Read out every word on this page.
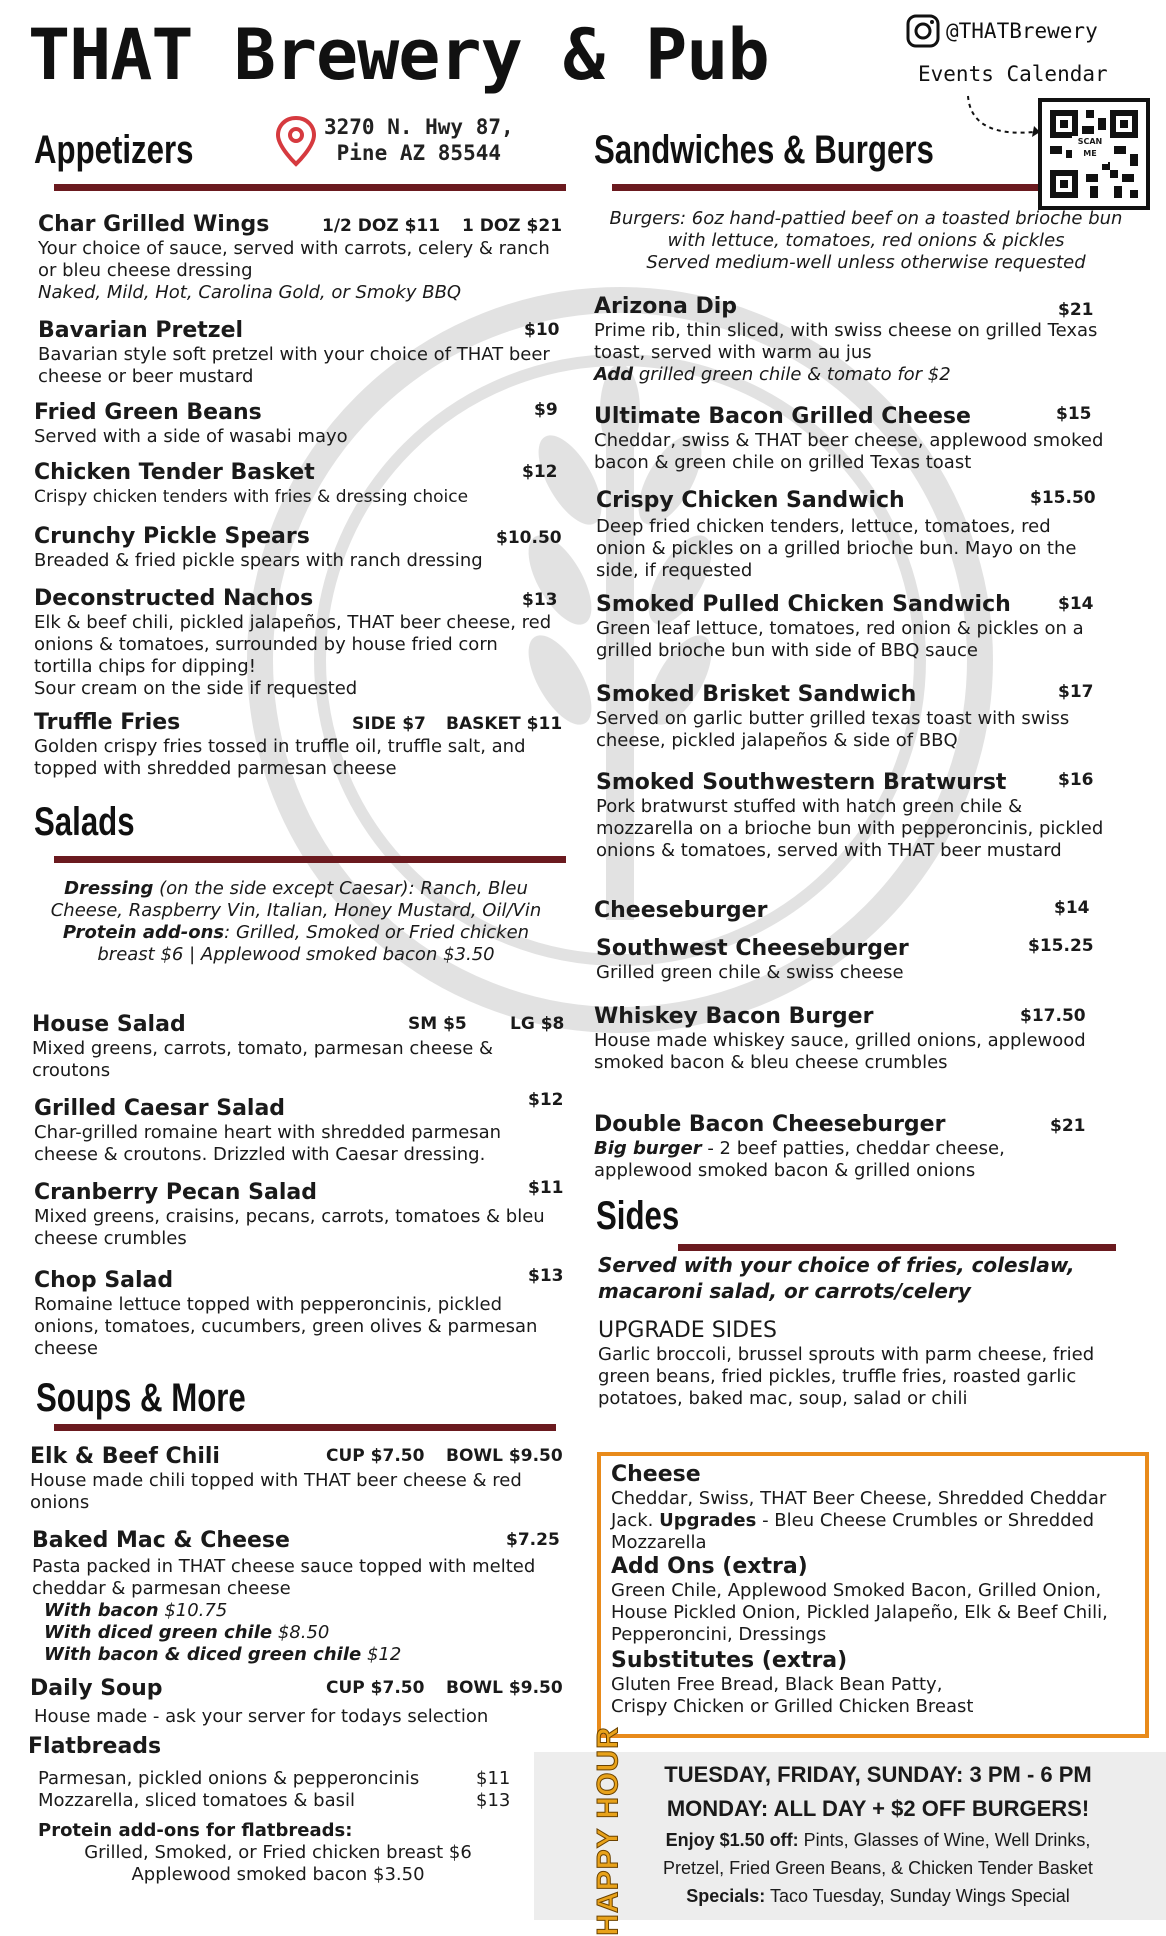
THAT Brewery & Pub	@THATBrewery
Events Calendar
SCAN ME
3270 N. Hwy 87,
Pine AZ 85544
Appetizers
Char Grilled Wings	1/2 DOZ $11 1 DOZ $21
Your choice of sauce, served with carrots, celery & ranch or bleu cheese dressing
Naked, Mild, Hot, Carolina Gold, or Smoky BBQ
Bavarian Pretzel	$10
Bavarian style soft pretzel with your choice of THAT beer cheese or beer mustard
Fried Green Beans	$9
Served with a side of wasabi mayo
Chicken Tender Basket	$12
Crispy chicken tenders with fries & dressing choice
Crunchy Pickle Spears	$10.50
Breaded & fried pickle spears with ranch dressing
Deconstructed Nachos	$13
Elk & beef chili, pickled jalapeños, THAT beer cheese, red onions & tomatoes, surrounded by house fried corn tortilla chips for dipping!
Sour cream on the side if requested
Truffle Fries	SIDE $7 BASKET $11
Golden crispy fries tossed in truffle oil, truffle salt, and topped with shredded parmesan cheese
Salads
Dressing (on the side except Caesar): Ranch, Bleu Cheese, Raspberry Vin, Italian, Honey Mustard, Oil/Vin
Protein add-ons: Grilled, Smoked or Fried chicken breast $6 | Applewood smoked bacon $3.50
House Salad	SM $5	LG $8
Mixed greens, carrots, tomato, parmesan cheese & croutons
Grilled Caesar Salad	$12
Char-grilled romaine heart with shredded parmesan cheese & croutons. Drizzled with Caesar dressing.
Cranberry Pecan Salad	$11
Mixed greens, craisins, pecans, carrots, tomatoes & bleu cheese crumbles
Chop Salad	$13
Romaine lettuce topped with pepperoncinis, pickled onions, tomatoes, cucumbers, green olives & parmesan cheese
Soups & More
Elk & Beef Chili	CUP $7.50 BOWL $9.50
House made chili topped with THAT beer cheese & red onions
Baked Mac & Cheese	$7.25
Pasta packed in THAT cheese sauce topped with melted cheddar & parmesan cheese
With bacon $10.75
With diced green chile $8.50
With bacon & diced green chile $12
Daily Soup	CUP $7.50 BOWL $9.50
House made - ask your server for todays selection
Flatbreads
Parmesan, pickled onions & pepperoncinis	$11
Mozzarella, sliced tomatoes & basil	$13
Protein add-ons for flatbreads:
Grilled, Smoked, or Fried chicken breast $6
Applewood smoked bacon $3.50
Sandwiches & Burgers
Burgers: 6oz hand-pattied beef on a toasted brioche bun
with lettuce, tomatoes, red onions & pickles
Served medium-well unless otherwise requested
Arizona Dip	$21
Prime rib, thin sliced, with swiss cheese on grilled Texas toast, served with warm au jus
Add grilled green chile & tomato for $2
Ultimate Bacon Grilled Cheese	$15
Cheddar, swiss & THAT beer cheese, applewood smoked bacon & green chile on grilled Texas toast
Crispy Chicken Sandwich	$15.50
Deep fried chicken tenders, lettuce, tomatoes, red onion & pickles on a grilled brioche bun. Mayo on the side, if requested
Smoked Pulled Chicken Sandwich	$14
Green leaf lettuce, tomatoes, red onion & pickles on a grilled brioche bun with side of BBQ sauce
Smoked Brisket Sandwich	$17
Served on garlic butter grilled texas toast with swiss cheese, pickled jalapeños & side of BBQ
Smoked Southwestern Bratwurst	$16
Pork bratwurst stuffed with hatch green chile & mozzarella on a brioche bun with pepperoncinis, pickled onions & tomatoes, served with THAT beer mustard
Cheeseburger	$14
Southwest Cheeseburger	$15.25
Grilled green chile & swiss cheese
Whiskey Bacon Burger	$17.50
House made whiskey sauce, grilled onions, applewood smoked bacon & bleu cheese crumbles
Double Bacon Cheeseburger	$21
Big burger - 2 beef patties, cheddar cheese, applewood smoked bacon & grilled onions
Sides
Served with your choice of fries, coleslaw, macaroni salad, or carrots/celery
UPGRADE SIDES
Garlic broccoli, brussel sprouts with parm cheese, fried green beans, fried pickles, truffle fries, roasted garlic potatoes, baked mac, soup, salad or chili
Cheese
Cheddar, Swiss, THAT Beer Cheese, Shredded Cheddar Jack. Upgrades - Bleu Cheese Crumbles or Shredded Mozzarella
Add Ons (extra)
Green Chile, Applewood Smoked Bacon, Grilled Onion, House Pickled Onion, Pickled Jalapeño, Elk & Beef Chili, Pepperoncini, Dressings
Substitutes (extra)
Gluten Free Bread, Black Bean Patty,
Crispy Chicken or Grilled Chicken Breast
HAPPY HOUR	TUESDAY, FRIDAY, SUNDAY: 3 PM - 6 PM
MONDAY: ALL DAY + $2 OFF BURGERS!
Enjoy $1.50 off: Pints, Glasses of Wine, Well Drinks,
Pretzel, Fried Green Beans, & Chicken Tender Basket
Specials: Taco Tuesday, Sunday Wings Special
